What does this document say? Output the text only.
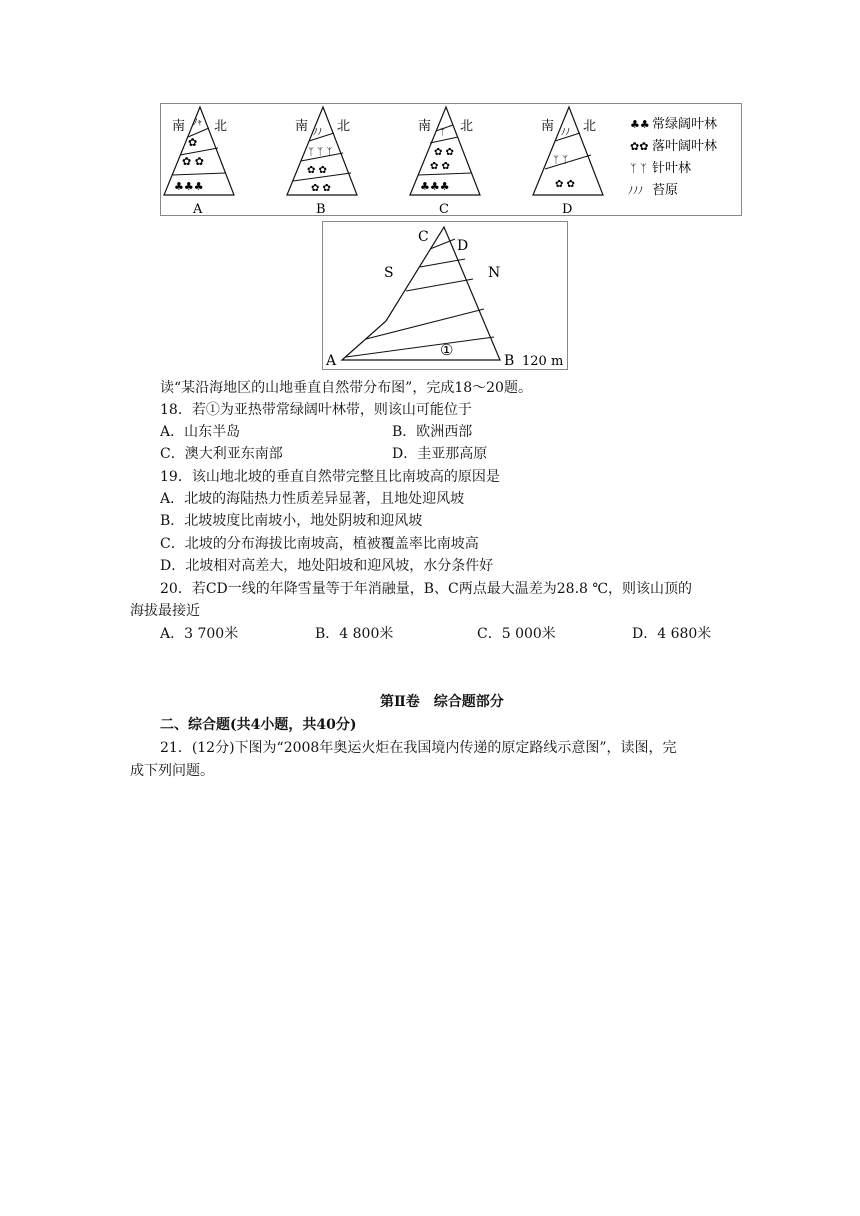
南 北
ﾉｬ
✿
✿ ✿
♣♣♣
A
南 北
ﾉﾉ
ᛉ ᛉ ᛉ
✿ ✿
✿ ✿
B
南 北
ᛉ
✿ ✿
✿ ✿
♣♣♣
C
南 北
ﾉﾉ
ᛉ ᛉ
✿ ✿
D
♣♣ 常绿阔叶林
✿✿ 落叶阔叶林
ᛉ ᛉ 针叶林
ﾉﾉﾉ 苔原
C
D
S	N
A	B
①
120 m
读“某沿海地区的山地垂直自然带分布图”，完成18～20题。
18．若①为亚热带常绿阔叶林带，则该山可能位于
A．山东半岛	B．欧洲西部
C．澳大利亚东南部	D．圭亚那高原
19．该山地北坡的垂直自然带完整且比南坡高的原因是
A．北坡的海陆热力性质差异显著，且地处迎风坡
B．北坡坡度比南坡小，地处阴坡和迎风坡
C．北坡的分布海拔比南坡高，植被覆盖率比南坡高
D．北坡相对高差大，地处阳坡和迎风坡，水分条件好
20．若CD一线的年降雪量等于年消融量，B、C两点最大温差为28.8 ℃，则该山顶的
海拔最接近
A．3 700米	B．4 800米	C．5 000米	D．4 680米
第Ⅱ卷　综合题部分
二、综合题(共4小题，共40分)
21．(12分)下图为“2008年奥运火炬在我国境内传递的原定路线示意图”，读图，完
成下列问题。
